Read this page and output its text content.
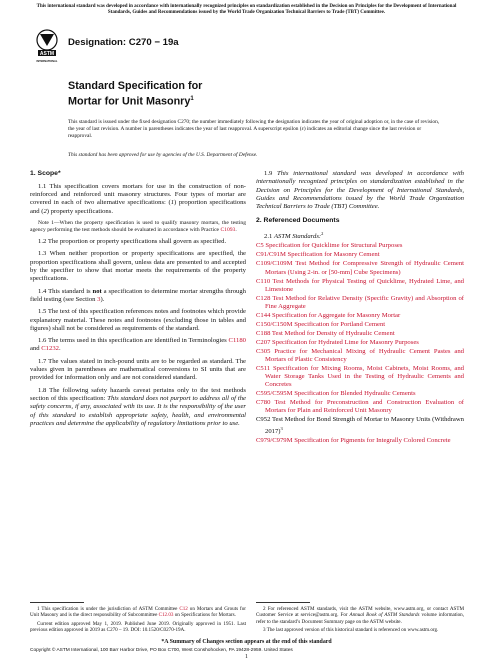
This international standard was developed in accordance with internationally recognized principles on standardization established in the Decision on Principles for the Development of International Standards, Guides and Recommendations issued by the World Trade Organization Technical Barriers to Trade (TBT) Committee.
ASTM
INTERNATIONAL
Designation: C270 − 19a
Standard Specification for
Mortar for Unit Masonry$^1$
This standard is issued under the fixed designation C270; the number immediately following the designation indicates the year of original adoption or, in the case of revision, the year of last revision. A number in parentheses indicates the year of last reapproval. A superscript epsilon (ε) indicates an editorial change since the last revision or reapproval.
This standard has been approved for use by agencies of the U.S. Department of Defense.

1. Scope*

1.1 This specification covers mortars for use in the construction of non-reinforced and reinforced unit masonry structures. Four types of mortar are covered in each of two alternative specifications: (1) proportion specifications and (2) property specifications.

Note 1—When the property specification is used to qualify masonry mortars, the testing agency performing the test methods should be evaluated in accordance with Practice C1093.

1.2 The proportion or property specifications shall govern as specified.

1.3 When neither proportion or property specifications are specified, the proportion specifications shall govern, unless data are presented to and accepted by the specifier to show that mortar meets the requirements of the property specifications.

1.4 This standard is not a specification to determine mortar strengths through field testing (see Section 3).

1.5 The text of this specification references notes and footnotes which provide explanatory material. These notes and footnotes (excluding those in tables and figures) shall not be considered as requirements of the standard.

1.6 The terms used in this specification are identified in Terminologies C1180 and C1232.

1.7 The values stated in inch-pound units are to be regarded as standard. The values given in parentheses are mathematical conversions to SI units that are provided for information only and are not considered standard.

1.8 The following safety hazards caveat pertains only to the test methods section of this specification: This standard does not purport to address all of the safety concerns, if any, associated with its use. It is the responsibility of the user of this standard to establish appropriate safety, health, and environmental practices and determine the applicability of regulatory limitations prior to use.

1.9 This international standard was developed in accordance with internationally recognized principles on standardization established in the Decision on Principles for the Development of International Standards, Guides and Recommendations issued by the World Trade Organization Technical Barriers to Trade (TBT) Committee.

2. Referenced Documents

2.1 ASTM Standards:$^2$

C5 Specification for Quicklime for Structural Purposes

C91/C91M Specification for Masonry Cement

C109/C109M Test Method for Compressive Strength of Hydraulic Cement Mortars (Using 2-in. or [50-mm] Cube Specimens)

C110 Test Methods for Physical Testing of Quicklime, Hydrated Lime, and Limestone

C128 Test Method for Relative Density (Specific Gravity) and Absorption of Fine Aggregate

C144 Specification for Aggregate for Masonry Mortar

C150/C150M Specification for Portland Cement

C188 Test Method for Density of Hydraulic Cement

C207 Specification for Hydrated Lime for Masonry Purposes

C305 Practice for Mechanical Mixing of Hydraulic Cement Pastes and Mortars of Plastic Consistency

C511 Specification for Mixing Rooms, Moist Cabinets, Moist Rooms, and Water Storage Tanks Used in the Testing of Hydraulic Cements and Concretes

C595/C595M Specification for Blended Hydraulic Cements

C780 Test Method for Preconstruction and Construction Evaluation of Mortars for Plain and Reinforced Unit Masonry

C952 Test Method for Bond Strength of Mortar to Masonry Units (Withdrawn 2017)$^3$

C979/C979M Specification for Pigments for Integrally Colored Concrete

1 This specification is under the jurisdiction of ASTM Committee C12 on Mortars and Grouts for Unit Masonry and is the direct responsibility of Subcommittee C12.03 on Specifications for Mortars.

Current edition approved May 1, 2019. Published June 2019. Originally approved in 1951. Last previous edition approved in 2019 as C270 – 19. DOI: 10.1520/C0270-19A.

2 For referenced ASTM standards, visit the ASTM website, www.astm.org, or contact ASTM Customer Service at service@astm.org. For Annual Book of ASTM Standards volume information, refer to the standard’s Document Summary page on the ASTM website.

3 The last approved version of this historical standard is referenced on www.astm.org.

*A Summary of Changes section appears at the end of this standard
Copyright © ASTM International, 100 Barr Harbor Drive, PO Box C700, West Conshohocken, PA 19428-2959. United States
1
